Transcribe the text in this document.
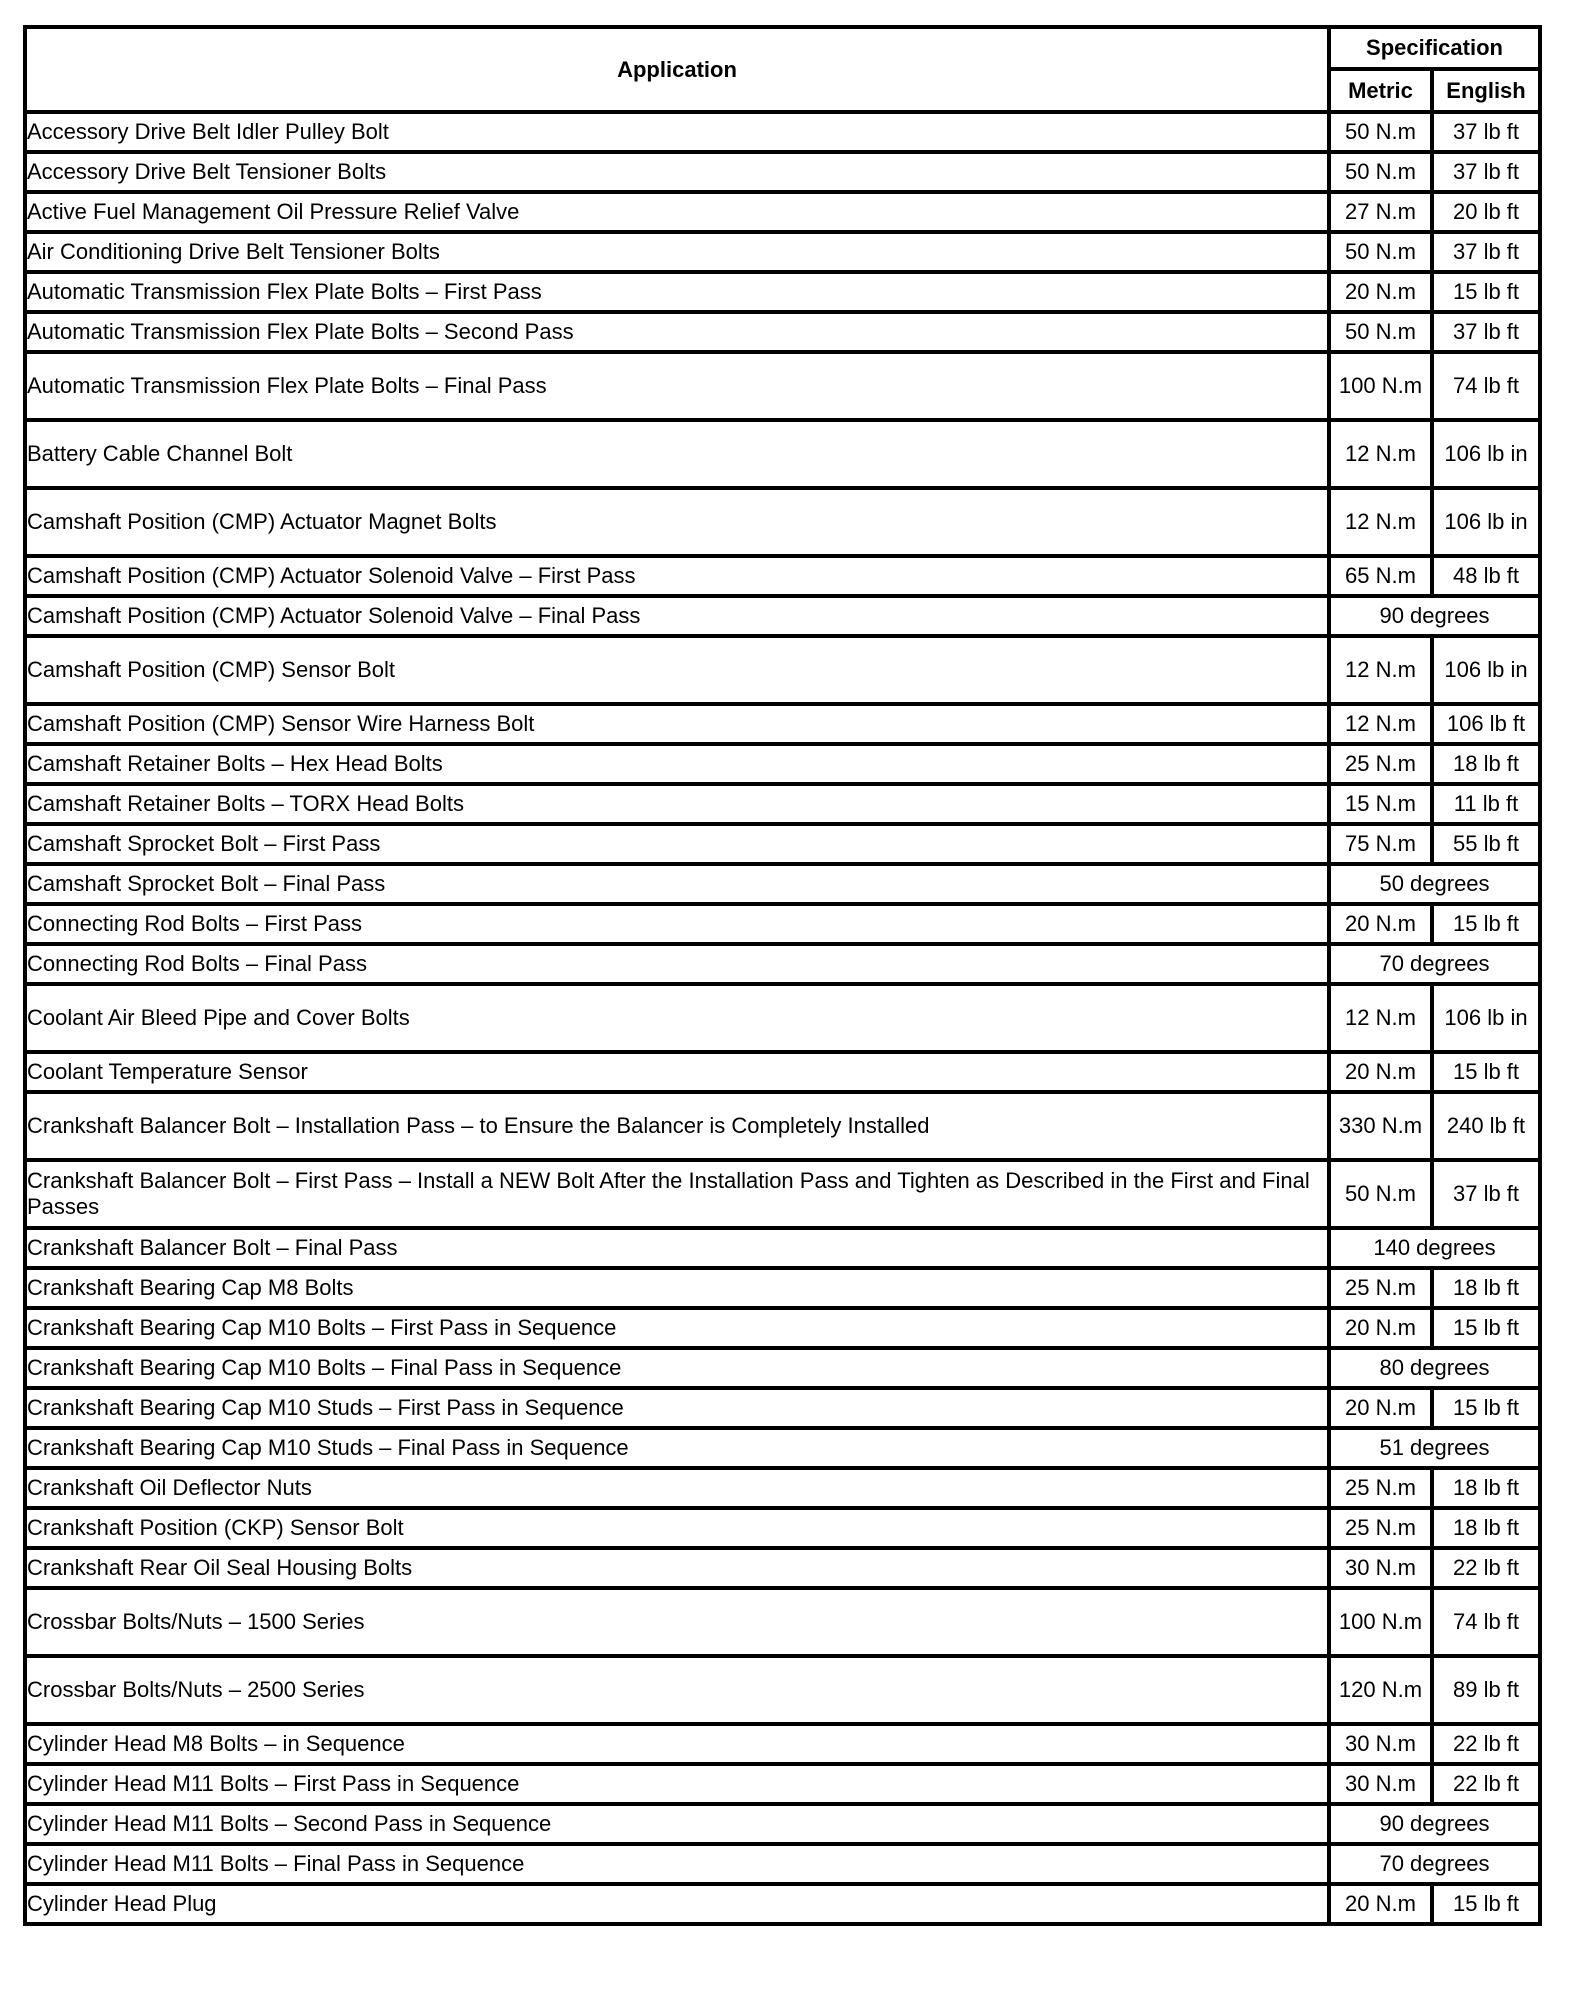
Application	Specification	
	Metric	English
Accessory Drive Belt Idler Pulley Bolt	50 N.m	37 lb ft
Accessory Drive Belt Tensioner Bolts	50 N.m	37 lb ft
Active Fuel Management Oil Pressure Relief Valve	27 N.m	20 lb ft
Air Conditioning Drive Belt Tensioner Bolts	50 N.m	37 lb ft
Automatic Transmission Flex Plate Bolts – First Pass	20 N.m	15 lb ft
Automatic Transmission Flex Plate Bolts – Second Pass	50 N.m	37 lb ft
Automatic Transmission Flex Plate Bolts – Final Pass	100 N.m	74 lb ft
Battery Cable Channel Bolt	12 N.m	106 lb in
Camshaft Position (CMP) Actuator Magnet Bolts	12 N.m	106 lb in
Camshaft Position (CMP) Actuator Solenoid Valve – First Pass	65 N.m	48 lb ft
Camshaft Position (CMP) Actuator Solenoid Valve – Final Pass	90 degrees	
Camshaft Position (CMP) Sensor Bolt	12 N.m	106 lb in
Camshaft Position (CMP) Sensor Wire Harness Bolt	12 N.m	106 lb ft
Camshaft Retainer Bolts – Hex Head Bolts	25 N.m	18 lb ft
Camshaft Retainer Bolts – TORX Head Bolts	15 N.m	11 lb ft
Camshaft Sprocket Bolt – First Pass	75 N.m	55 lb ft
Camshaft Sprocket Bolt – Final Pass	50 degrees	
Connecting Rod Bolts – First Pass	20 N.m	15 lb ft
Connecting Rod Bolts – Final Pass	70 degrees	
Coolant Air Bleed Pipe and Cover Bolts	12 N.m	106 lb in
Coolant Temperature Sensor	20 N.m	15 lb ft
Crankshaft Balancer Bolt – Installation Pass – to Ensure the Balancer is Completely Installed	330 N.m	240 lb ft
Crankshaft Balancer Bolt – First Pass – Install a NEW Bolt After the Installation Pass and Tighten as Described in the First and Final Passes	50 N.m	37 lb ft
Crankshaft Balancer Bolt – Final Pass	140 degrees	
Crankshaft Bearing Cap M8 Bolts	25 N.m	18 lb ft
Crankshaft Bearing Cap M10 Bolts – First Pass in Sequence	20 N.m	15 lb ft
Crankshaft Bearing Cap M10 Bolts – Final Pass in Sequence	80 degrees	
Crankshaft Bearing Cap M10 Studs – First Pass in Sequence	20 N.m	15 lb ft
Crankshaft Bearing Cap M10 Studs – Final Pass in Sequence	51 degrees	
Crankshaft Oil Deflector Nuts	25 N.m	18 lb ft
Crankshaft Position (CKP) Sensor Bolt	25 N.m	18 lb ft
Crankshaft Rear Oil Seal Housing Bolts	30 N.m	22 lb ft
Crossbar Bolts/Nuts – 1500 Series	100 N.m	74 lb ft
Crossbar Bolts/Nuts – 2500 Series	120 N.m	89 lb ft
Cylinder Head M8 Bolts – in Sequence	30 N.m	22 lb ft
Cylinder Head M11 Bolts – First Pass in Sequence	30 N.m	22 lb ft
Cylinder Head M11 Bolts – Second Pass in Sequence	90 degrees	
Cylinder Head M11 Bolts – Final Pass in Sequence	70 degrees	
Cylinder Head Plug	20 N.m	15 lb ft
